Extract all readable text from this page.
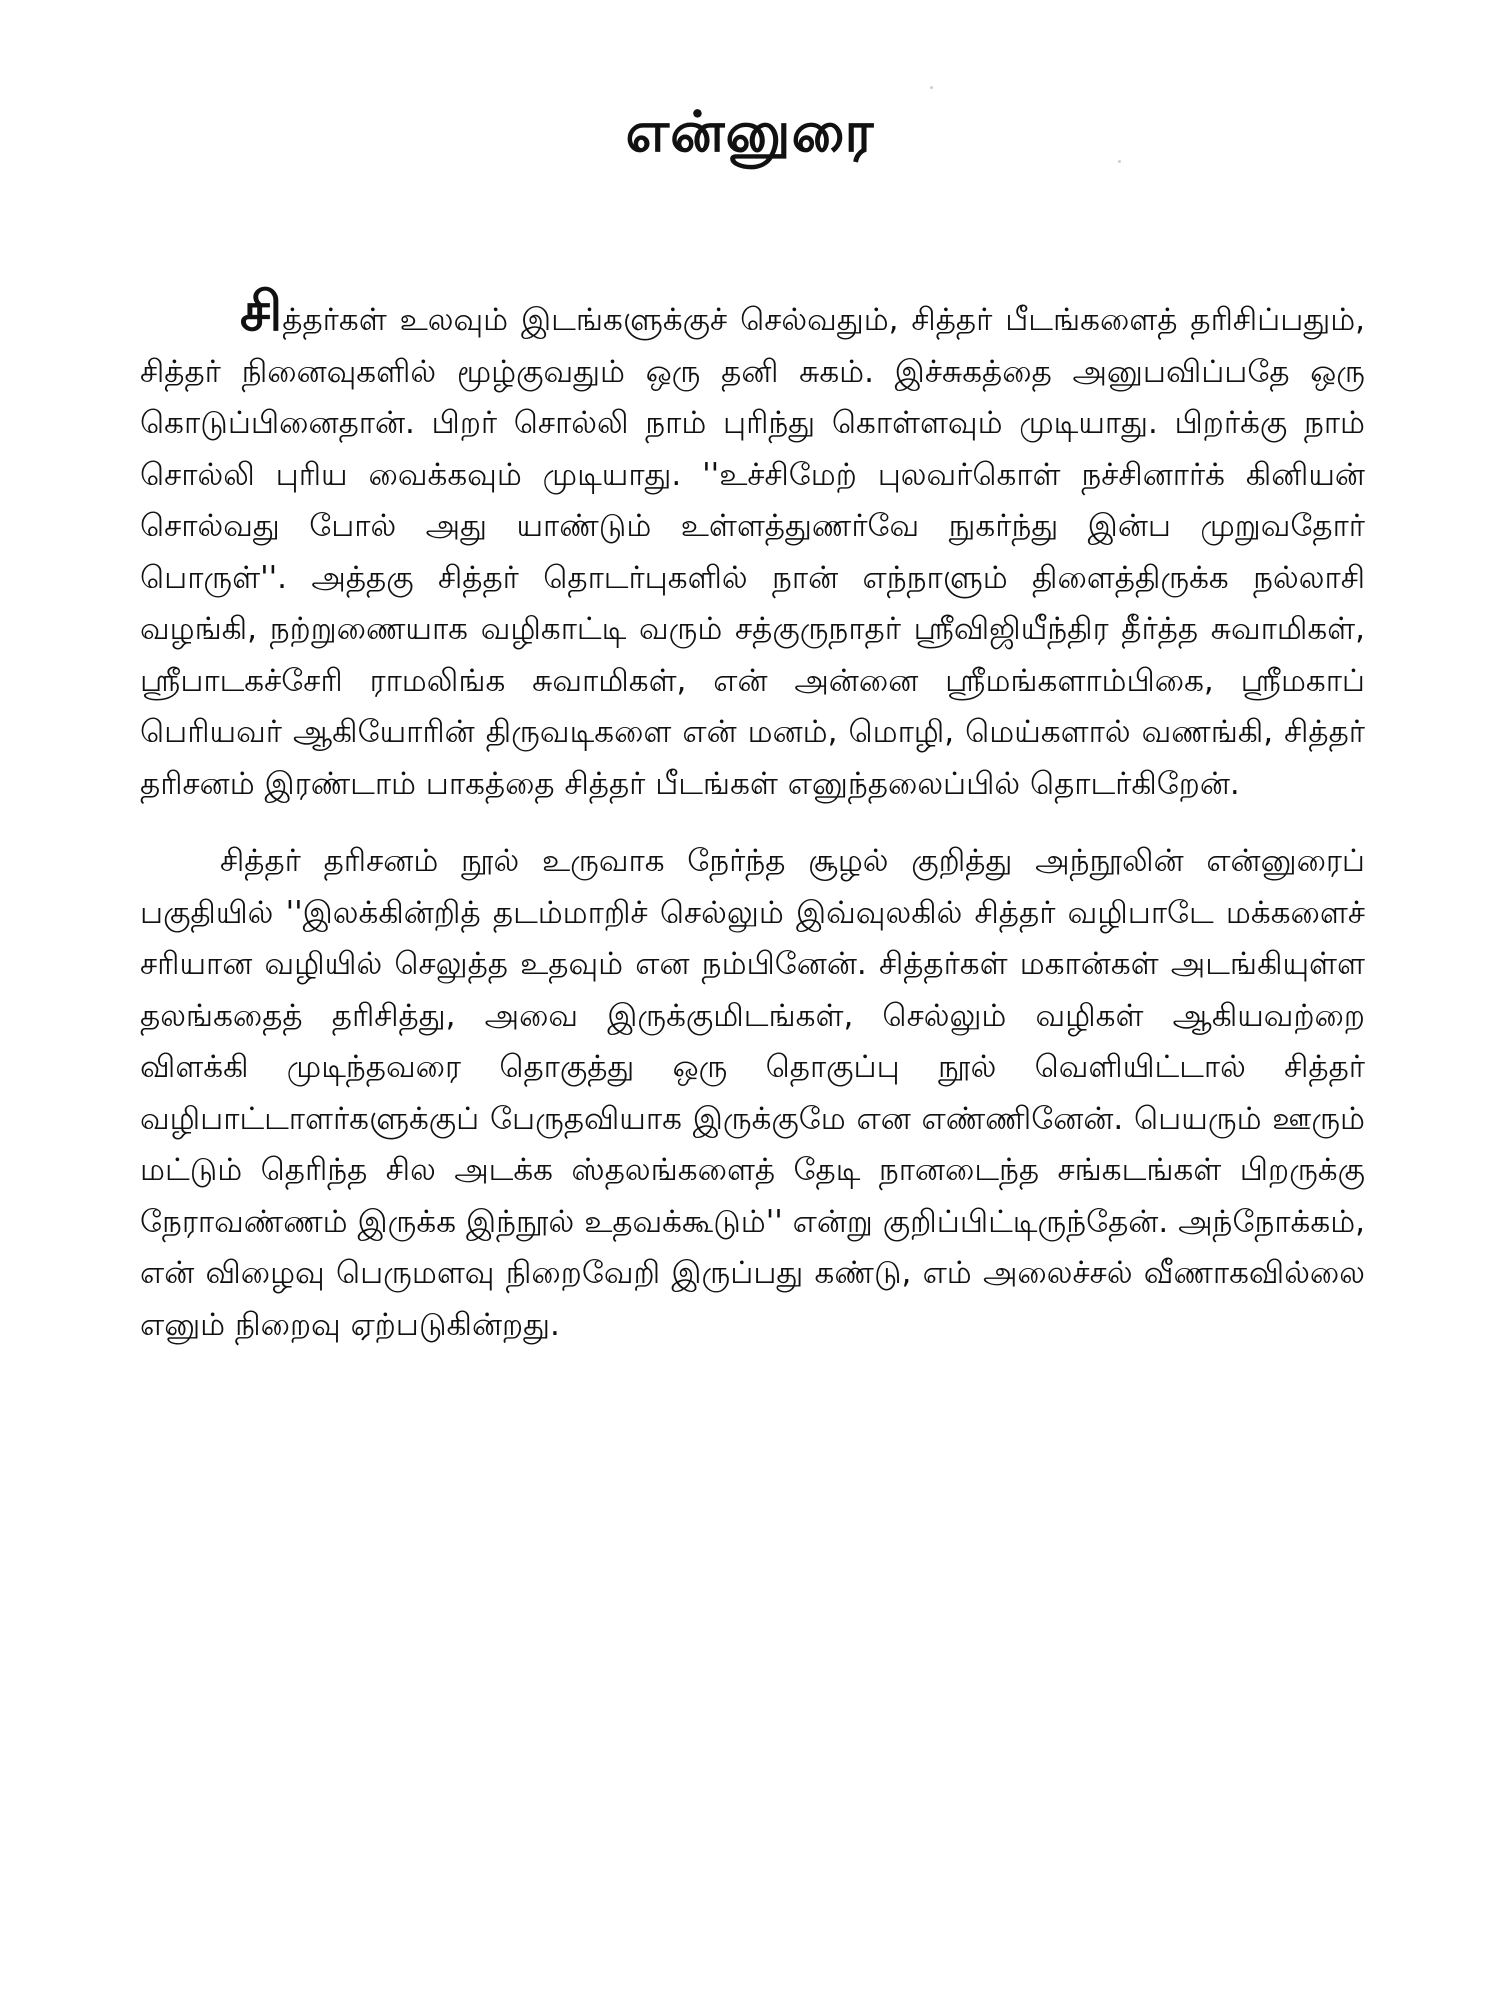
என்னுரை

சித்தர்கள் உலவும் இடங்களுக்குச் செல்வதும், சித்தர் பீடங்களைத் தரிசிப்பதும், சித்தர் நினைவுகளில் மூழ்குவதும் ஒரு தனி சுகம். இச்சுகத்தை அனுபவிப்பதே ஒரு கொடுப்பினைதான். பிறர் சொல்லி நாம் புரிந்து கொள்ளவும் முடியாது. பிறர்க்கு நாம் சொல்லி புரிய வைக்கவும் முடியாது. ''உச்சிமேற் புலவர்கொள் நச்சினார்க் கினியன் சொல்வது போல் அது யாண்டும் உள்ளத்துணர்வே நுகர்ந்து இன்ப முறுவதோர் பொருள்''. அத்தகு சித்தர் தொடர்புகளில் நான் எந்நாளும் திளைத்திருக்க நல்லாசி வழங்கி, நற்றுணையாக வழிகாட்டி வரும் சத்குருநாதர் ஸ்ரீவிஜியீந்திர தீர்த்த சுவாமிகள், ஸ்ரீபாடகச்சேரி ராமலிங்க சுவாமிகள், என் அன்னை ஸ்ரீமங்களாம்பிகை, ஸ்ரீமகாப் பெரியவர் ஆகியோரின் திருவடிகளை என் மனம், மொழி, மெய்களால் வணங்கி, சித்தர் தரிசனம் இரண்டாம் பாகத்தை சித்தர் பீடங்கள் எனுந்தலைப்பில் தொடர்கிறேன்.

சித்தர் தரிசனம் நூல் உருவாக நேர்ந்த சூழல் குறித்து அந்நூலின் என்னுரைப் பகுதியில் ''இலக்கின்றித் தடம்மாறிச் செல்லும் இவ்வுலகில் சித்தர் வழிபாடே மக்களைச் சரியான வழியில் செலுத்த உதவும் என நம்பினேன். சித்தர்கள் மகான்கள் அடங்கியுள்ள தலங்கதைத் தரிசித்து, அவை இருக்குமிடங்கள், செல்லும் வழிகள் ஆகியவற்றை விளக்கி முடிந்தவரை தொகுத்து ஒரு தொகுப்பு நூல் வெளியிட்டால் சித்தர் வழிபாட்டாளர்களுக்குப் பேருதவியாக இருக்குமே என எண்ணினேன். பெயரும் ஊரும் மட்டும் தெரிந்த சில அடக்க ஸ்தலங்களைத் தேடி நானடைந்த சங்கடங்கள் பிறருக்கு நேராவண்ணம் இருக்க இந்நூல் உதவக்கூடும்'' என்று குறிப்பிட்டிருந்தேன். அந்நோக்கம், என் விழைவு பெருமளவு நிறைவேறி இருப்பது கண்டு, எம் அலைச்சல் வீணாகவில்லை எனும் நிறைவு ஏற்படுகின்றது.
